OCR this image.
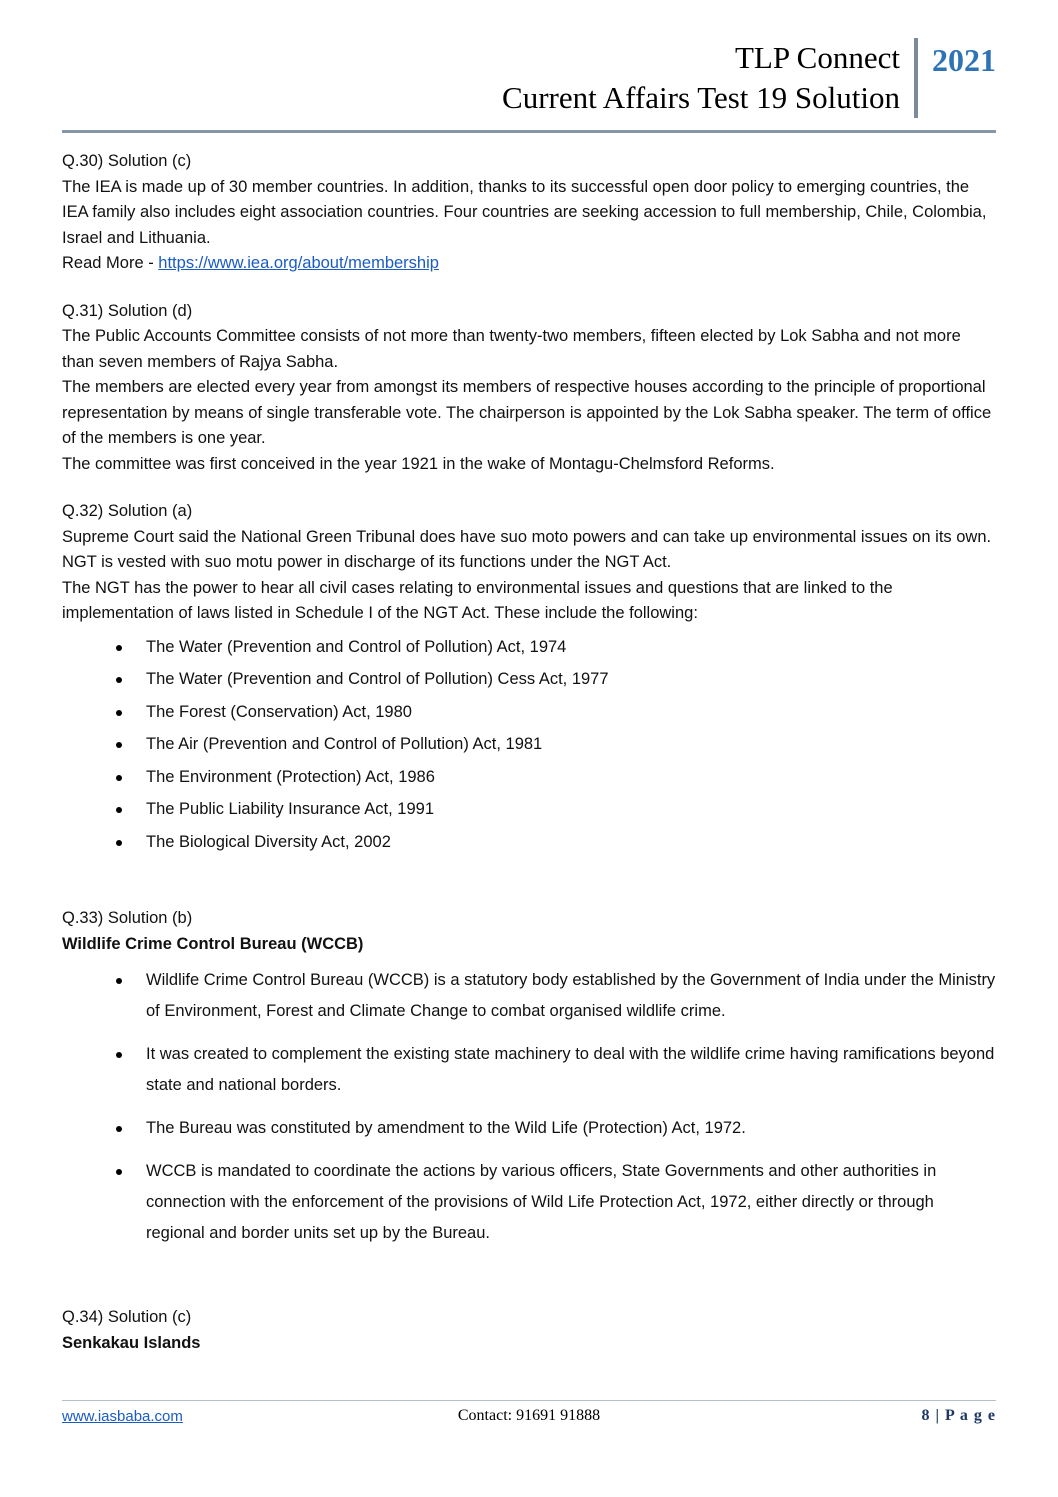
TLP Connect
Current Affairs Test 19 Solution
2021

Q.30) Solution (c)

The IEA is made up of 30 member countries. In addition, thanks to its successful open door policy to emerging countries, the IEA family also includes eight association countries. Four countries are seeking accession to full membership, Chile, Colombia, Israel and Lithuania.

Read More - https://www.iea.org/about/membership

Q.31) Solution (d)

The Public Accounts Committee consists of not more than twenty-two members, fifteen elected by Lok Sabha and not more than seven members of Rajya Sabha.

The members are elected every year from amongst its members of respective houses according to the principle of proportional representation by means of single transferable vote. The chairperson is appointed by the Lok Sabha speaker. The term of office of the members is one year.

The committee was first conceived in the year 1921 in the wake of Montagu-Chelmsford Reforms.

Q.32) Solution (a)

Supreme Court said the National Green Tribunal does have suo moto powers and can take up environmental issues on its own. NGT is vested with suo motu power in discharge of its functions under the NGT Act.

The NGT has the power to hear all civil cases relating to environmental issues and questions that are linked to the implementation of laws listed in Schedule I of the NGT Act. These include the following:

The Water (Prevention and Control of Pollution) Act, 1974
The Water (Prevention and Control of Pollution) Cess Act, 1977
The Forest (Conservation) Act, 1980
The Air (Prevention and Control of Pollution) Act, 1981
The Environment (Protection) Act, 1986
The Public Liability Insurance Act, 1991
The Biological Diversity Act, 2002

Q.33) Solution (b)

Wildlife Crime Control Bureau (WCCB)

Wildlife Crime Control Bureau (WCCB) is a statutory body established by the Government of India under the Ministry of Environment, Forest and Climate Change to combat organised wildlife crime.
It was created to complement the existing state machinery to deal with the wildlife crime having ramifications beyond state and national borders.
The Bureau was constituted by amendment to the Wild Life (Protection) Act, 1972.
WCCB is mandated to coordinate the actions by various officers, State Governments and other authorities in connection with the enforcement of the provisions of Wild Life Protection Act, 1972, either directly or through regional and border units set up by the Bureau.

Q.34) Solution (c)

Senkakau Islands

www.iasbaba.com	Contact: 91691 91888	8 | P a g e
